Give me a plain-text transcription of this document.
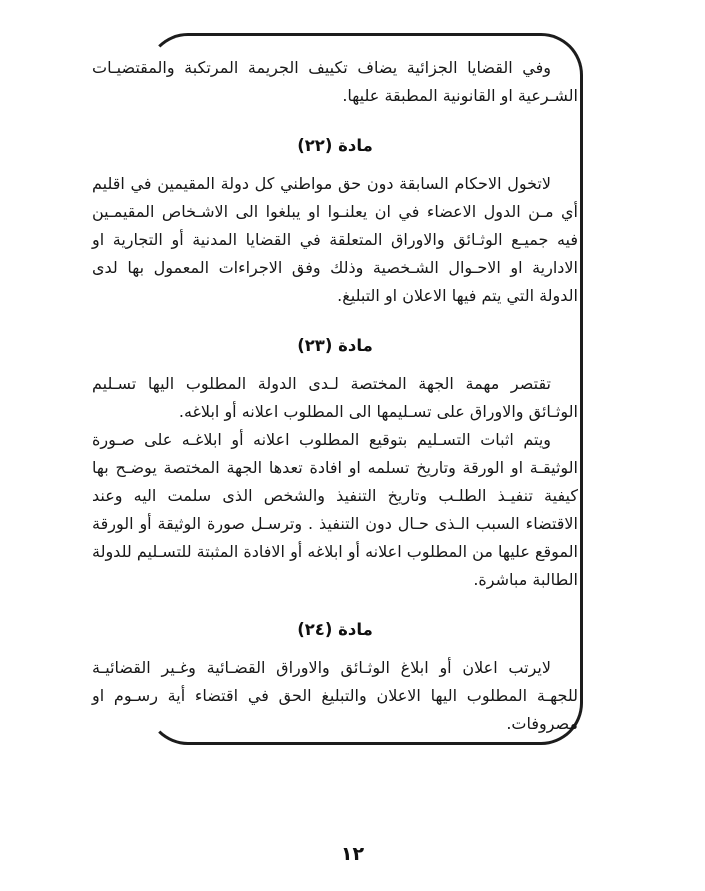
وفي القضايا الجزائية يضاف تكييف الجريمة المرتكبة والمقتضيـات الشـرعية او القانونية المطبقة عليها.

مادة (٢٢)

لاتخول الاحكام السابقة دون حق مواطني كل دولة المقيمين في اقليم أي مـن الدول الاعضاء في ان يعلنـوا او يبلغوا الى الاشـخاص المقيمـين فيه جميـع الوثـائق والاوراق المتعلقة في القضايا المدنية أو التجارية او الادارية او الاحـوال الشـخصية وذلك وفق الاجراءات المعمول بها لدى الدولة التي يتم فيها الاعلان او التبليغ.

مادة (٢٣)

تقتصر مهمة الجهة المختصة لـدى الدولة المطلوب اليها تسـليم الوثـائق والاوراق على تسـليمها الى المطلوب اعلانه أو ابلاغه.

ويتم اثبات التسـليم بتوقيع المطلوب اعلانه أو ابلاغـه على صـورة الوثيقـة او الورقة وتاريخ تسلمه او افادة تعدها الجهة المختصة يوضـح بها كيفية تنفيـذ الطلـب وتاريخ التنفيذ والشخص الذى سلمت اليه وعند الاقتضاء السبب الـذى حـال دون التنفيذ . وترسـل صورة الوثيقة أو الورقة الموقع عليها من المطلوب اعلانه أو ابلاغه أو الافادة المثبتة للتسـليم للدولة الطالبة مباشرة.

مادة (٢٤)

لايرتب اعلان أو ابلاغ الوثـائق والاوراق القضـائية وغـير القضائيـة للجهـة المطلوب اليها الاعلان والتبليغ الحق في اقتضاء أية رسـوم او مصروفات.

١٢
